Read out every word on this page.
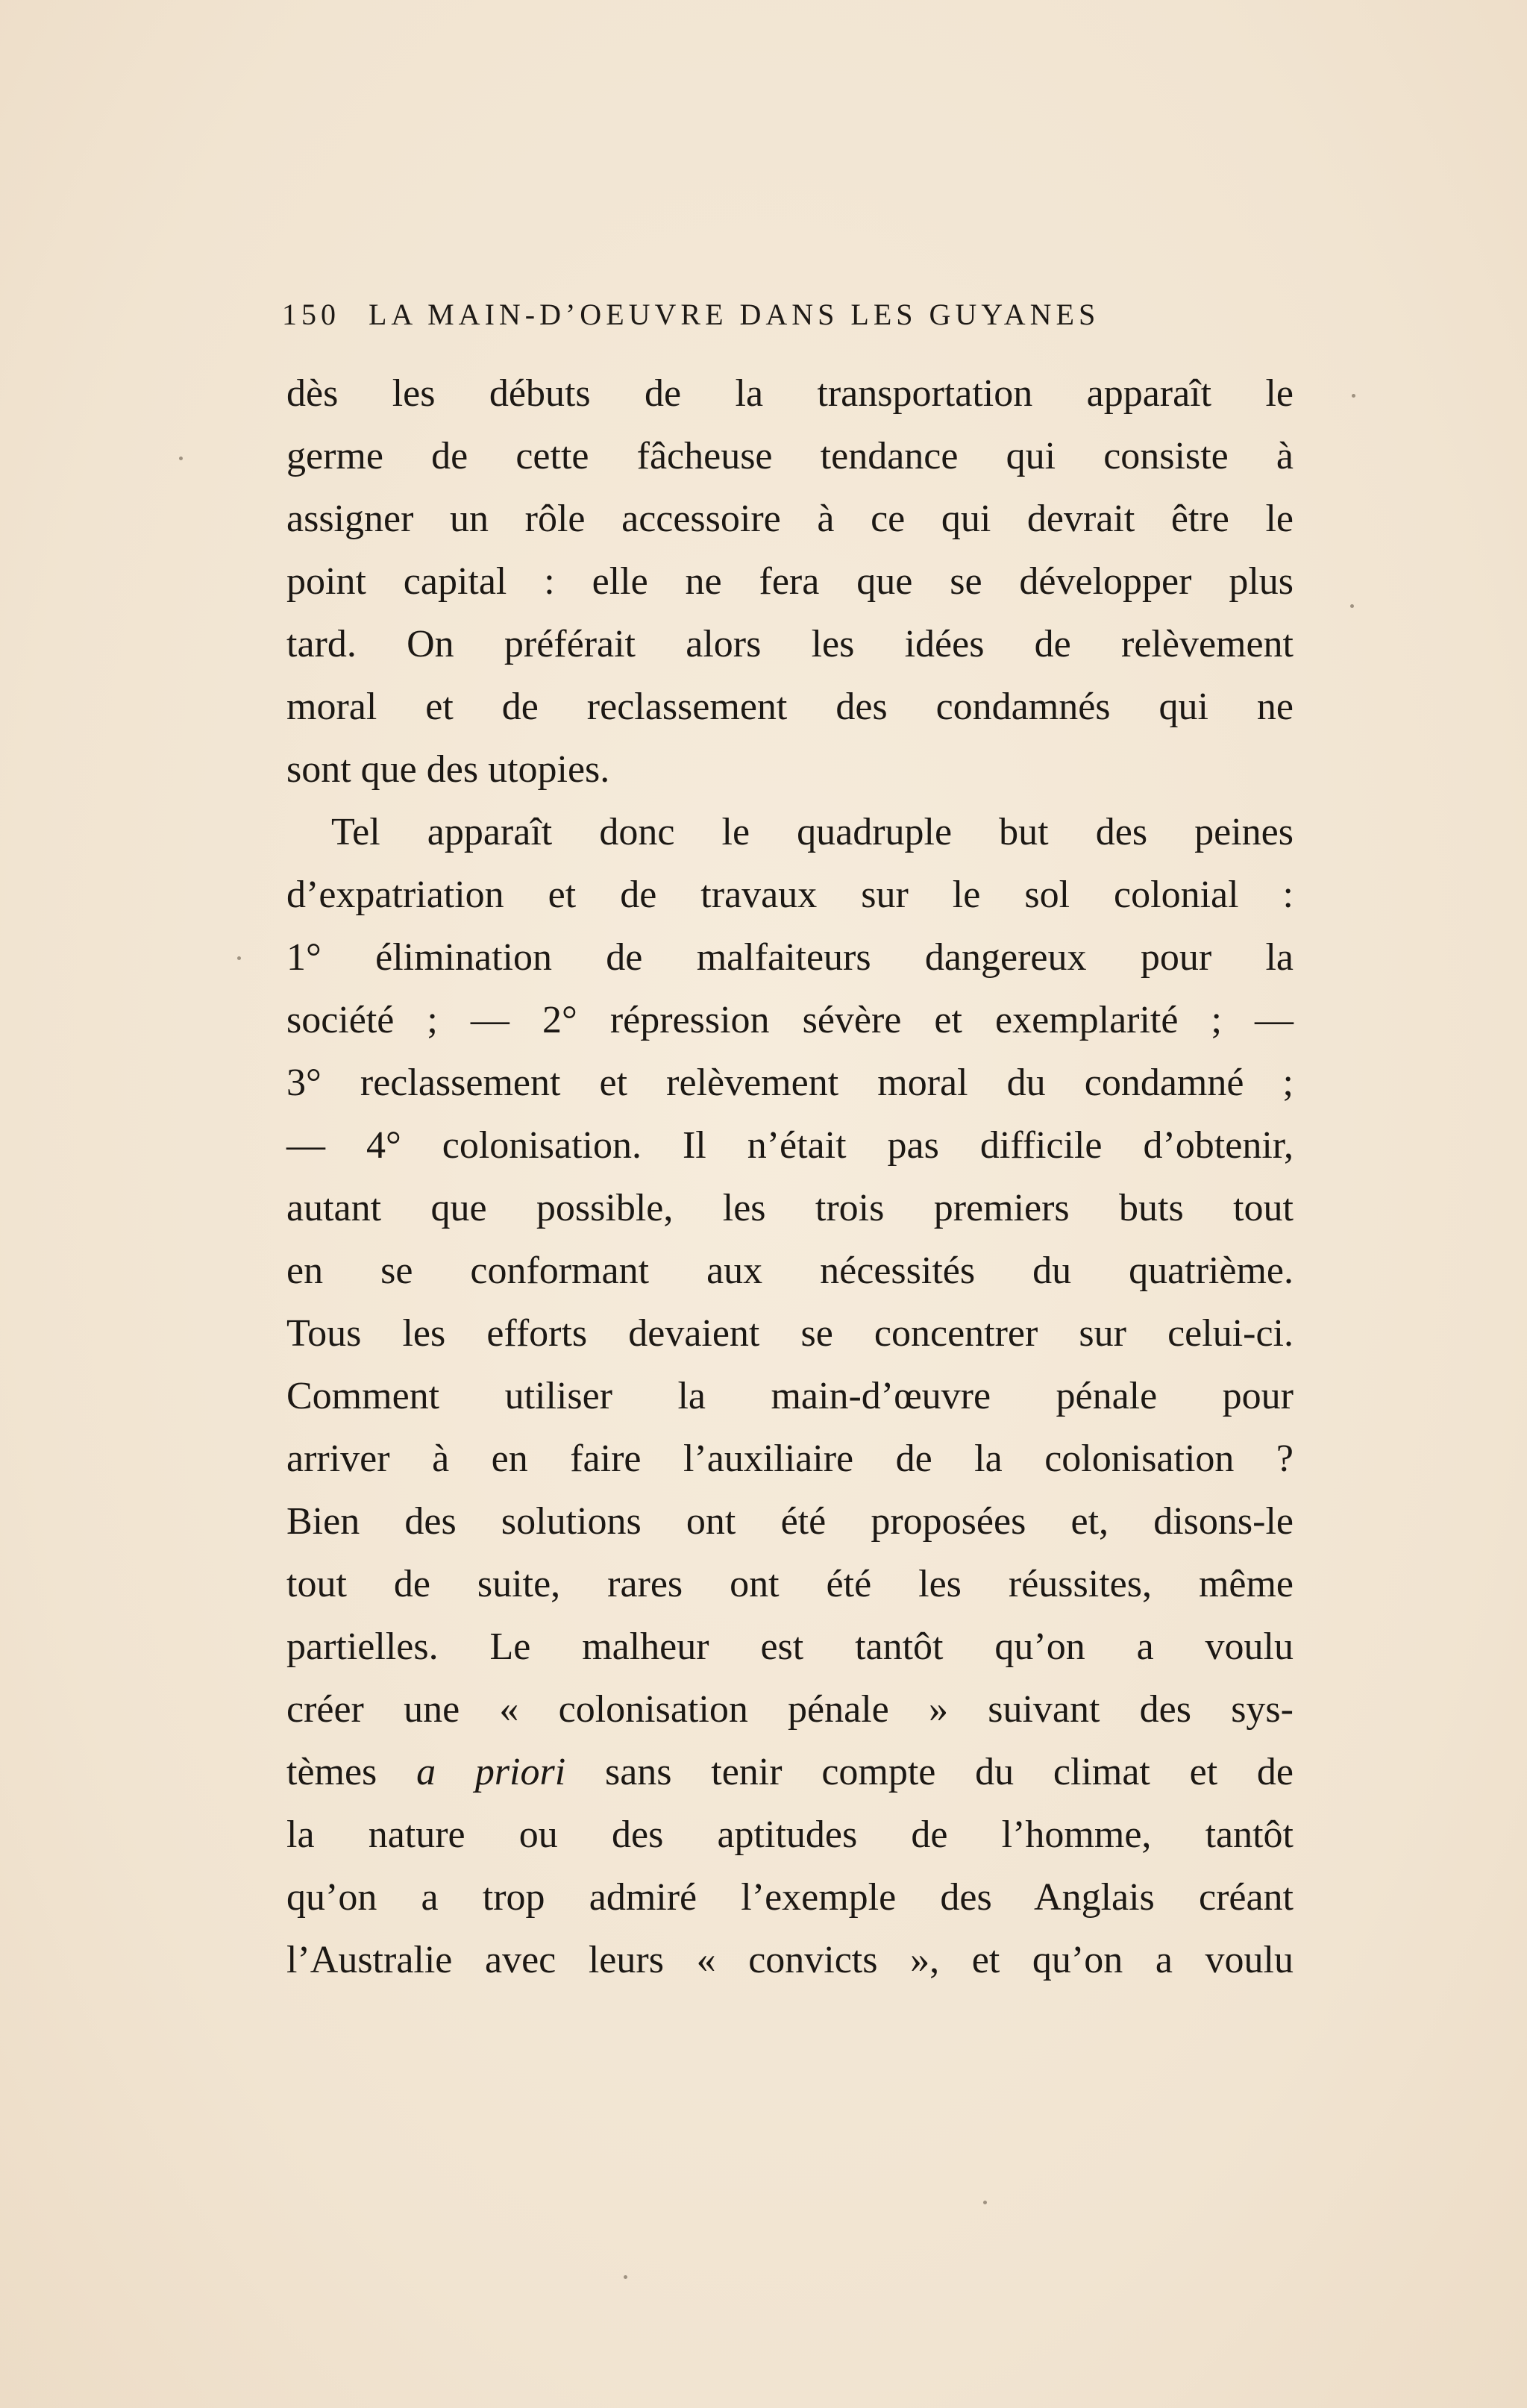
150 LA MAIN-D’OEUVRE DANS LES GUYANES
dès les débuts de la transportation apparaît le
germe de cette fâcheuse tendance qui consiste à
assigner un rôle accessoire à ce qui devrait être le
point capital : elle ne fera que se développer plus
tard. On préférait alors les idées de relèvement
moral et de reclassement des condamnés qui ne
sont que des utopies.
Tel apparaît donc le quadruple but des peines
d’expatriation et de travaux sur le sol colonial :
1° élimination de malfaiteurs dangereux pour la
société ; — 2° répression sévère et exemplarité ; —
3° reclassement et relèvement moral du condamné ;
— 4° colonisation. Il n’était pas difficile d’obtenir,
autant que possible, les trois premiers buts tout
en se conformant aux nécessités du quatrième.
Tous les efforts devaient se concentrer sur celui-ci.
Comment utiliser la main-d’œuvre pénale pour
arriver à en faire l’auxiliaire de la colonisation ?
Bien des solutions ont été proposées et, disons-le
tout de suite, rares ont été les réussites, même
partielles. Le malheur est tantôt qu’on a voulu
créer une « colonisation pénale » suivant des sys-
tèmes a priori sans tenir compte du climat et de
la nature ou des aptitudes de l’homme, tantôt
qu’on a trop admiré l’exemple des Anglais créant
l’Australie avec leurs « convicts », et qu’on a voulu
